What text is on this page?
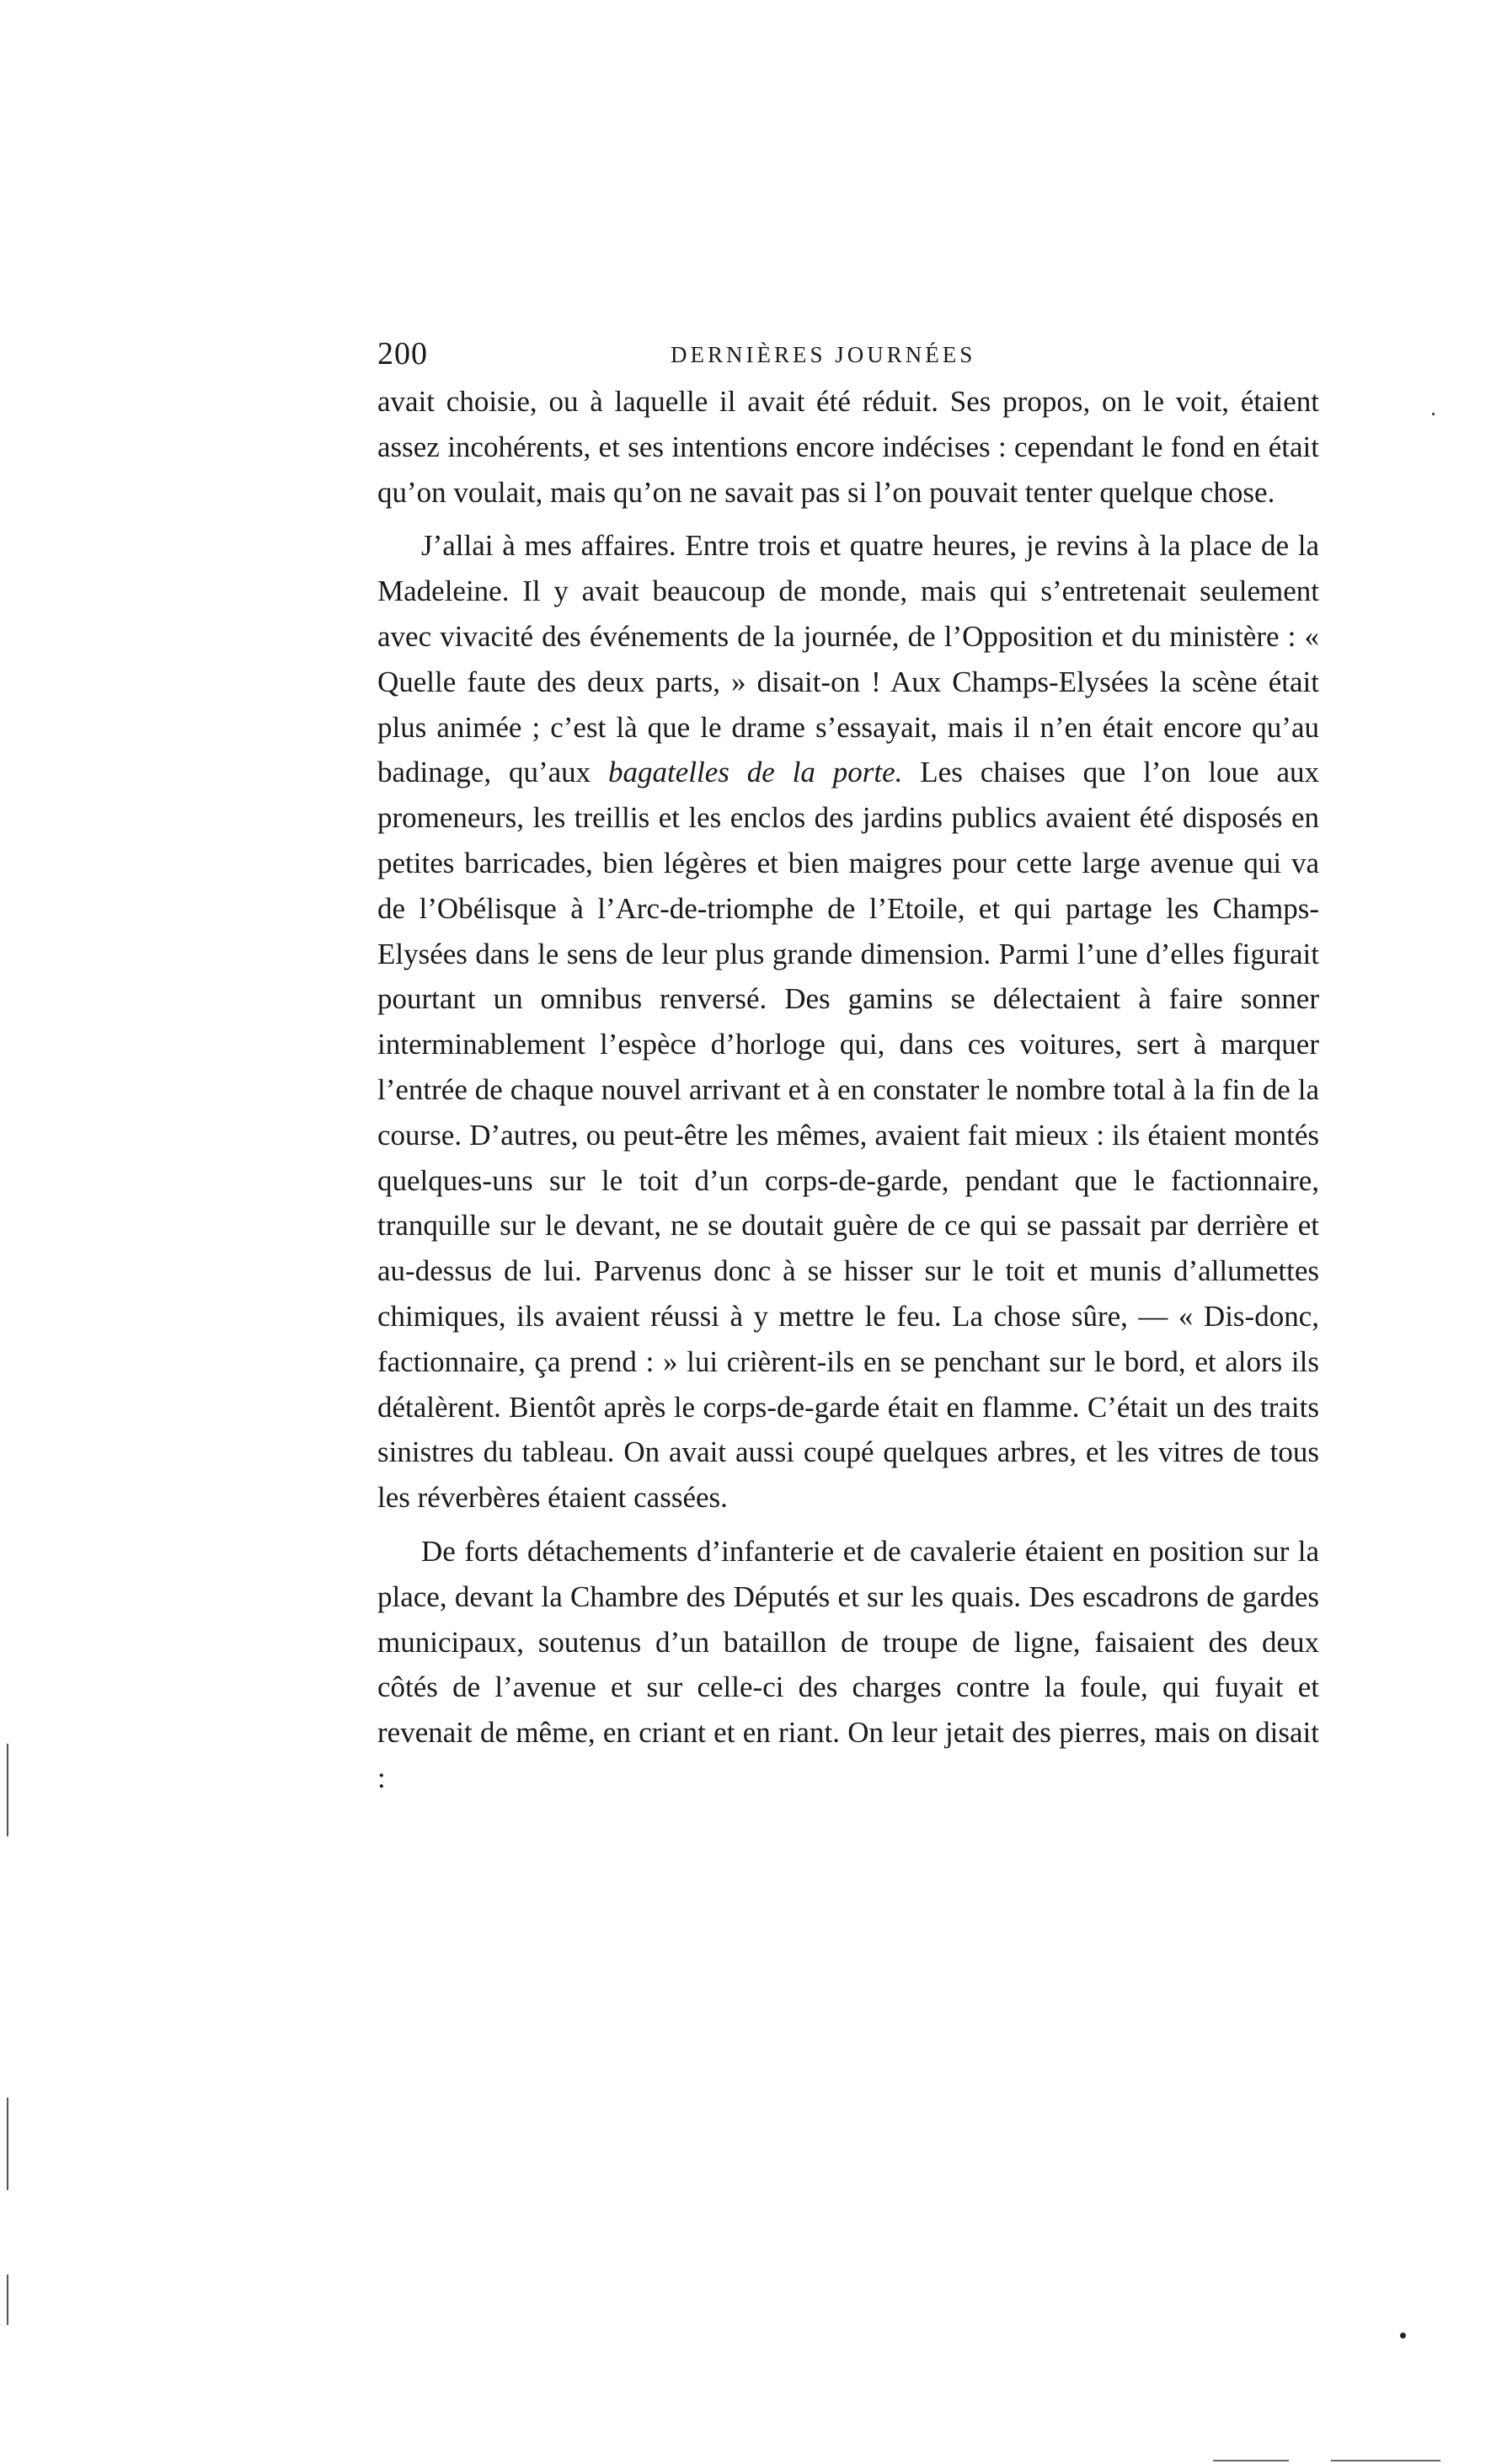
200	DERNIÈRES JOURNÉES

avait choisie, ou à laquelle il avait été réduit. Ses propos, on le voit, étaient assez incohérents, et ses intentions encore indécises : cependant le fond en était qu’on voulait, mais qu’on ne savait pas si l’on pouvait tenter quelque chose.

J’allai à mes affaires. Entre trois et quatre heures, je revins à la place de la Madeleine. Il y avait beaucoup de monde, mais qui s’entretenait seulement avec vivacité des événements de la journée, de l’Opposition et du ministère : « Quelle faute des deux parts, » disait-on ! Aux Champs-Elysées la scène était plus animée ; c’est là que le drame s’essayait, mais il n’en était encore qu’au badinage, qu’aux bagatelles de la porte. Les chaises que l’on loue aux promeneurs, les treillis et les enclos des jardins publics avaient été disposés en petites barricades, bien légères et bien maigres pour cette large avenue qui va de l’Obélisque à l’Arc-de-triomphe de l’Etoile, et qui partage les Champs-Elysées dans le sens de leur plus grande dimension. Parmi l’une d’elles figurait pourtant un omnibus renversé. Des gamins se délectaient à faire sonner interminablement l’espèce d’horloge qui, dans ces voitures, sert à marquer l’entrée de chaque nouvel arrivant et à en constater le nombre total à la fin de la course. D’autres, ou peut-être les mêmes, avaient fait mieux : ils étaient montés quelques-uns sur le toit d’un corps-de-garde, pendant que le factionnaire, tranquille sur le devant, ne se doutait guère de ce qui se passait par derrière et au-dessus de lui. Parvenus donc à se hisser sur le toit et munis d’allumettes chimiques, ils avaient réussi à y mettre le feu. La chose sûre, — « Dis-donc, factionnaire, ça prend : » lui crièrent-ils en se penchant sur le bord, et alors ils détalèrent. Bientôt après le corps-de-garde était en flamme. C’était un des traits sinistres du tableau. On avait aussi coupé quelques arbres, et les vitres de tous les réverbères étaient cassées.

De forts détachements d’infanterie et de cavalerie étaient en position sur la place, devant la Chambre des Députés et sur les quais. Des escadrons de gardes municipaux, soutenus d’un bataillon de troupe de ligne, faisaient des deux côtés de l’avenue et sur celle-ci des charges contre la foule, qui fuyait et revenait de même, en criant et en riant. On leur jetait des pierres, mais on disait :
